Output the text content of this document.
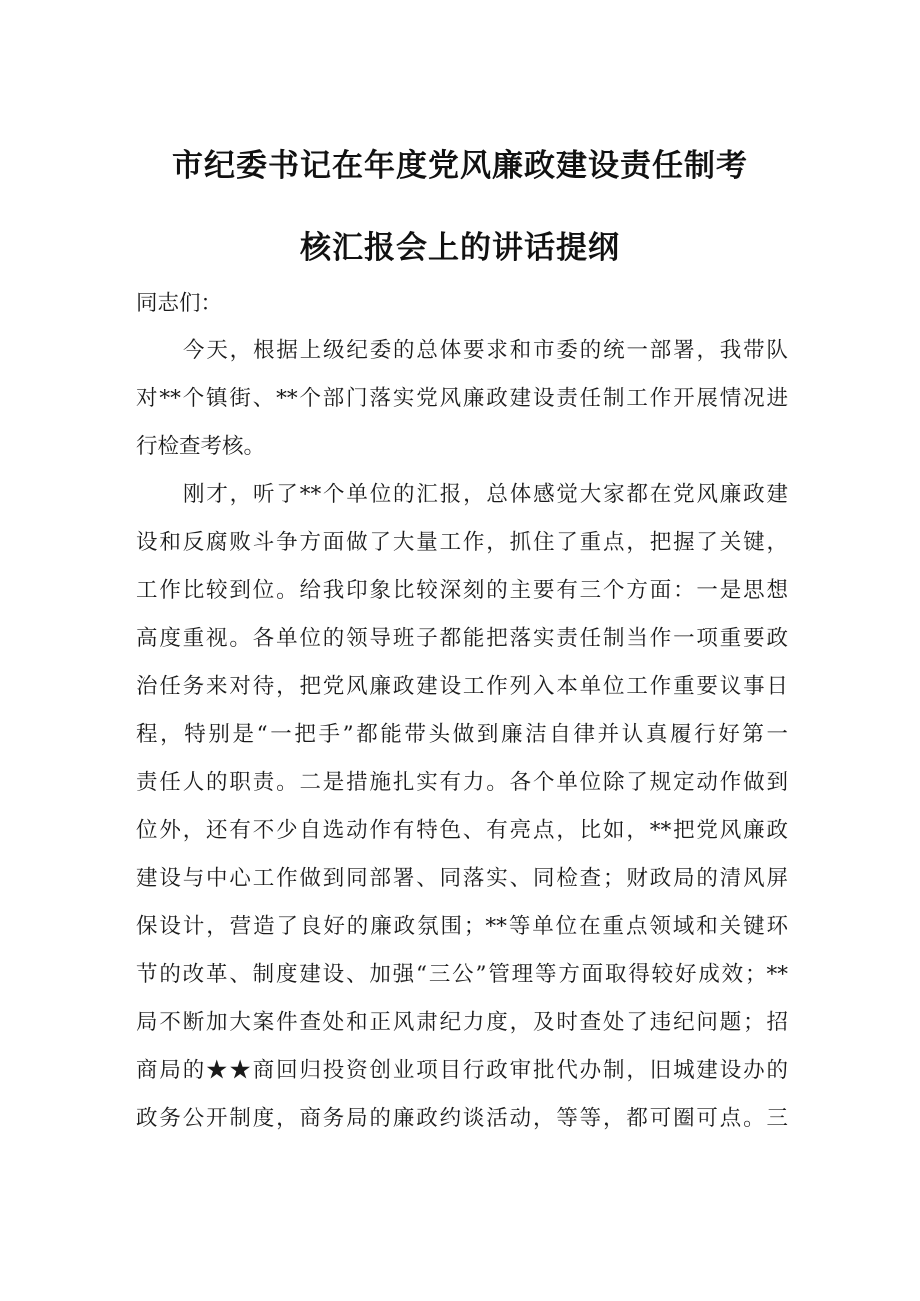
市纪委书记在年度党风廉政建设责任制考
核汇报会上的讲话提纲
同志们：
今天，根据上级纪委的总体要求和市委的统一部署，我带队
对**个镇街、**个部门落实党风廉政建设责任制工作开展情况进
行检查考核。
刚才，听了**个单位的汇报，总体感觉大家都在党风廉政建
设和反腐败斗争方面做了大量工作，抓住了重点，把握了关键，
工作比较到位。给我印象比较深刻的主要有三个方面：一是思想
高度重视。各单位的领导班子都能把落实责任制当作一项重要政
治任务来对待，把党风廉政建设工作列入本单位工作重要议事日
程，特别是“一把手”都能带头做到廉洁自律并认真履行好第一
责任人的职责。二是措施扎实有力。各个单位除了规定动作做到
位外，还有不少自选动作有特色、有亮点，比如，**把党风廉政
建设与中心工作做到同部署、同落实、同检查；财政局的清风屏
保设计，营造了良好的廉政氛围；**等单位在重点领域和关键环
节的改革、制度建设、加强“三公”管理等方面取得较好成效；**
局不断加大案件查处和正风肃纪力度，及时查处了违纪问题；招
商局的★★商回归投资创业项目行政审批代办制，旧城建设办的
政务公开制度，商务局的廉政约谈活动，等等，都可圈可点。三
